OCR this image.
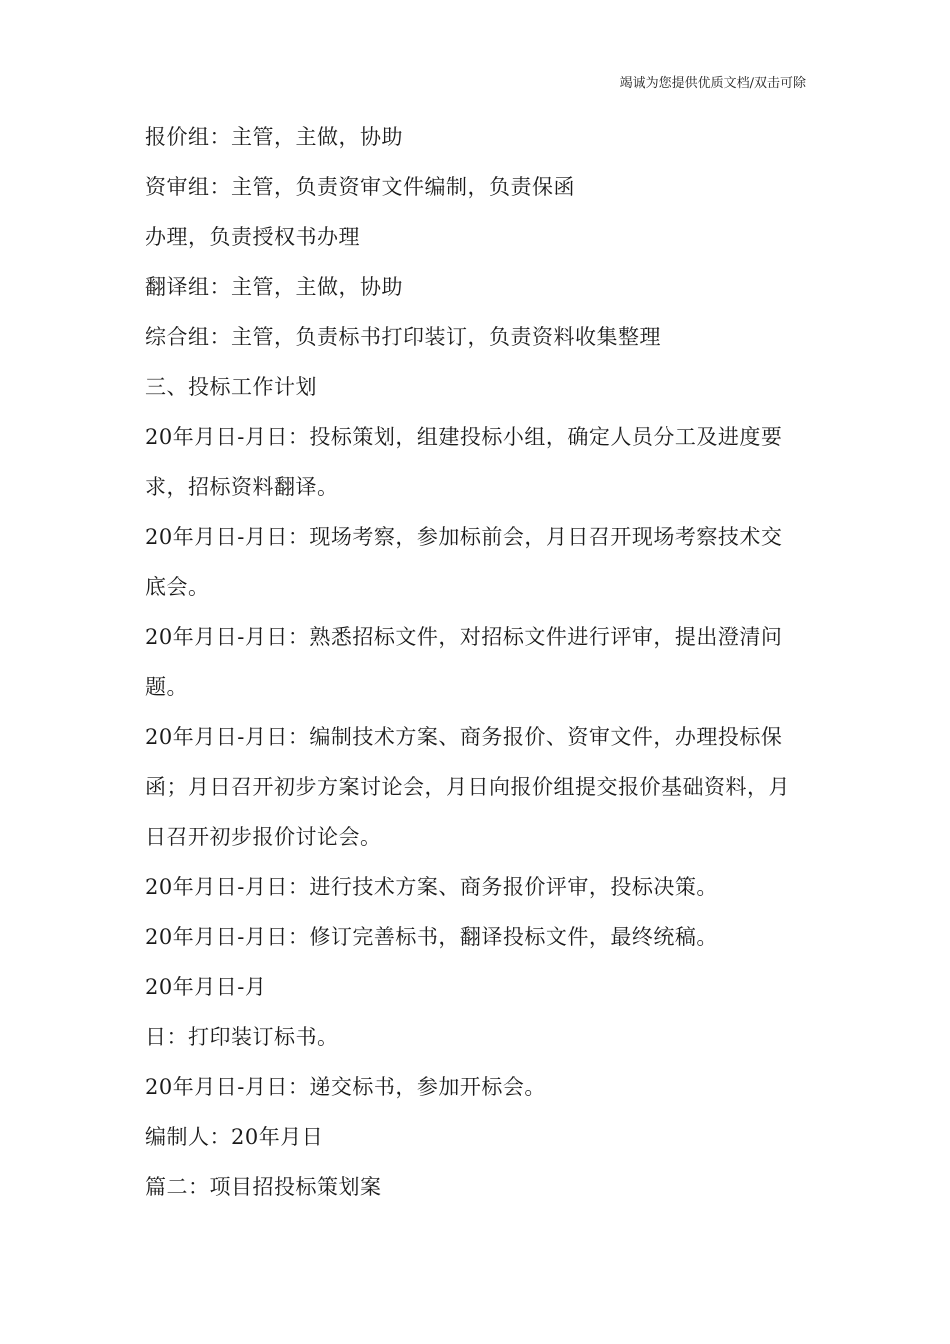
竭诚为您提供优质文档/双击可除
报价组：主管，主做，协助
资审组：主管，负责资审文件编制，负责保函
办理，负责授权书办理
翻译组：主管，主做，协助
综合组：主管，负责标书打印装订，负责资料收集整理
三、投标工作计划
20年月日-月日：投标策划，组建投标小组，确定人员分工及进度要
求，招标资料翻译。
20年月日-月日：现场考察，参加标前会，月日召开现场考察技术交
底会。
20年月日-月日：熟悉招标文件，对招标文件进行评审，提出澄清问
题。
20年月日-月日：编制技术方案、商务报价、资审文件，办理投标保
函；月日召开初步方案讨论会，月日向报价组提交报价基础资料，月
日召开初步报价讨论会。
20年月日-月日：进行技术方案、商务报价评审，投标决策。
20年月日-月日：修订完善标书，翻译投标文件，最终统稿。
20年月日-月
日：打印装订标书。
20年月日-月日：递交标书，参加开标会。
编制人：20年月日
篇二：项目招投标策划案
